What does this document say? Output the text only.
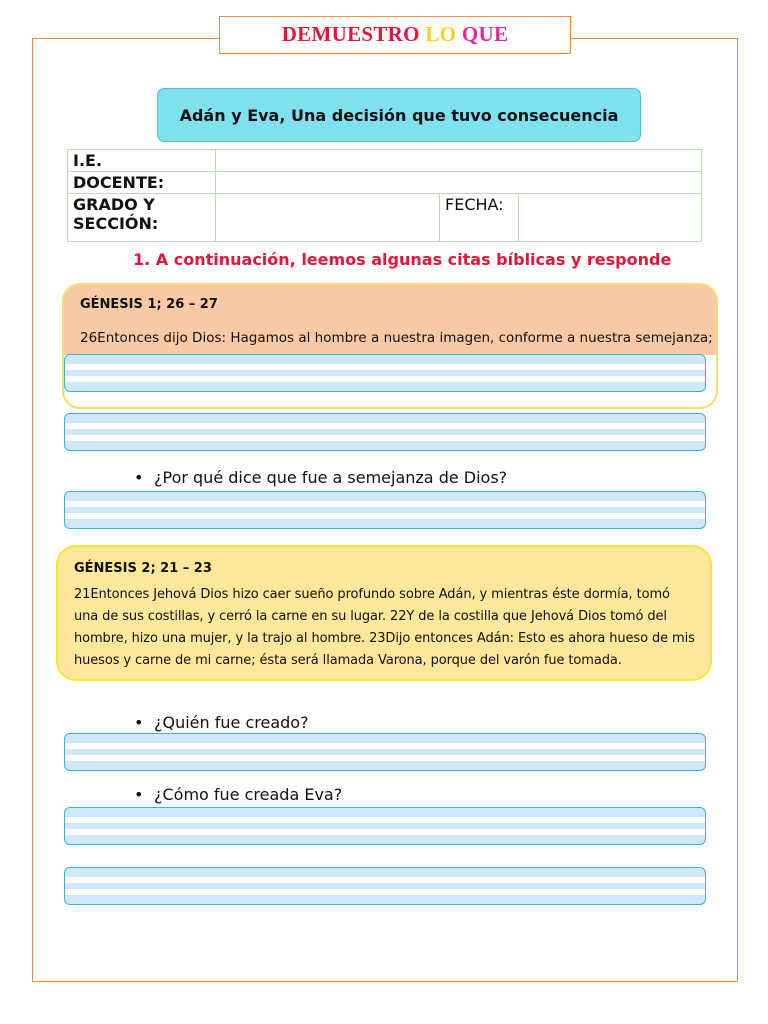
DEMUESTRO LO QUE
Adán y Eva, Una decisión que tuvo consecuencia
I.E.			
DOCENTE:			
GRADO Y SECCIÓN:		FECHA:	
1. A continuación, leemos algunas citas bíblicas y responde
GÉNESIS 1; 26 – 27
26Entonces dijo Dios: Hagamos al hombre a nuestra imagen, conforme a nuestra semejanza;
• ¿Por qué dice que fue a semejanza de Dios?
GÉNESIS 2; 21 – 23
21Entonces Jehová Dios hizo caer sueño profundo sobre Adán, y mientras éste dormía, tomó una de sus costillas, y cerró la carne en su lugar. 22Y de la costilla que Jehová Dios tomó del hombre, hizo una mujer, y la trajo al hombre. 23Dijo entonces Adán: Esto es ahora hueso de mis huesos y carne de mi carne; ésta será llamada Varona, porque del varón fue tomada.
• ¿Quién fue creado?
• ¿Cómo fue creada Eva?
